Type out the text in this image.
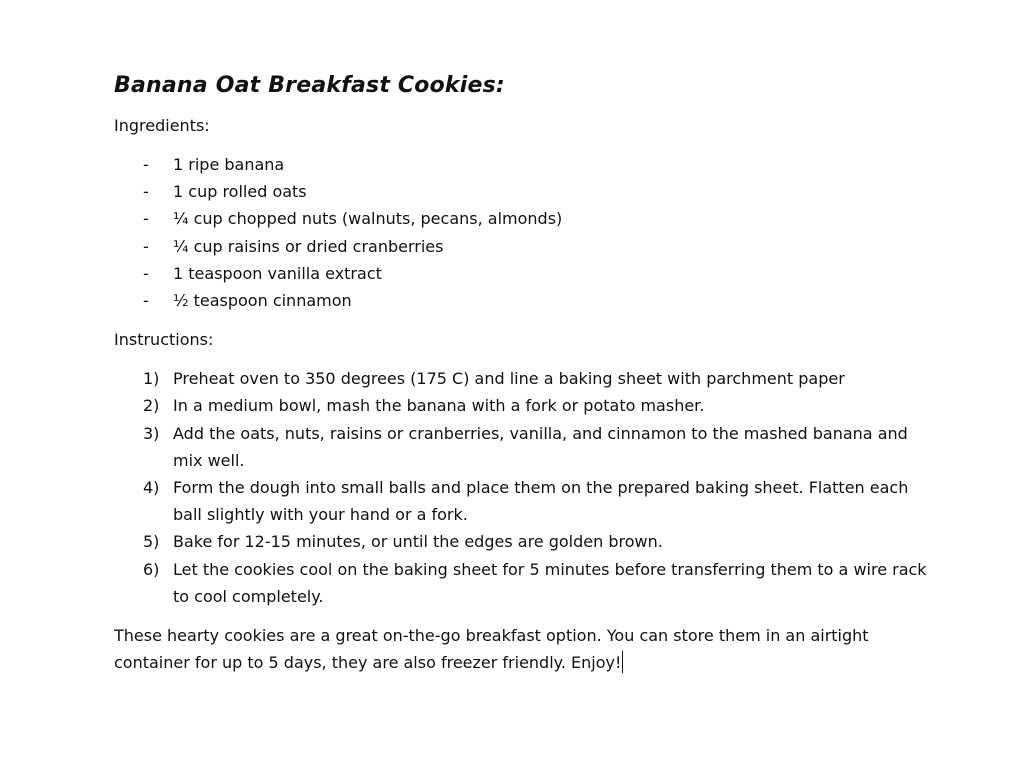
Banana Oat Breakfast Cookies:
Ingredients:
- 1 ripe banana
- 1 cup rolled oats
- ¼ cup chopped nuts (walnuts, pecans, almonds)
- ¼ cup raisins or dried cranberries
- 1 teaspoon vanilla extract
- ½ teaspoon cinnamon
Instructions:
1) Preheat oven to 350 degrees (175 C) and line a baking sheet with parchment paper
2) In a medium bowl, mash the banana with a fork or potato masher.
3) Add the oats, nuts, raisins or cranberries, vanilla, and cinnamon to the mashed banana and mix well.
4) Form the dough into small balls and place them on the prepared baking sheet. Flatten each ball slightly with your hand or a fork.
5) Bake for 12-15 minutes, or until the edges are golden brown.
6) Let the cookies cool on the baking sheet for 5 minutes before transferring them to a wire rack to cool completely.

These hearty cookies are a great on-the-go breakfast option. You can store them in an airtight container for up to 5 days, they are also freezer friendly. Enjoy!
